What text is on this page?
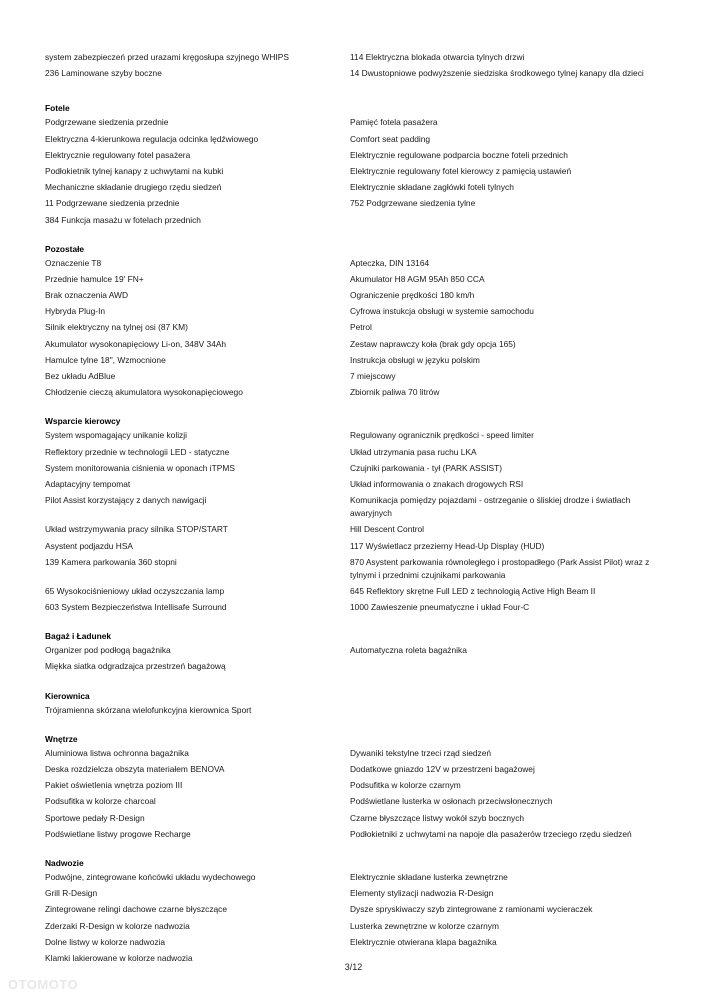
system zabezpieczeń przed urazami kręgosłupa szyjnego WHIPS	114 Elektryczna blokada otwarcia tylnych drzwi
236 Laminowane szyby boczne	14 Dwustopniowe podwyższenie siedziska środkowego tylnej kanapy dla dzieci
Fotele
Podgrzewane siedzenia przednie	Pamięć fotela pasażera
Elektryczna 4-kierunkowa regulacja odcinka lędźwiowego	Comfort seat padding
Elektrycznie regulowany fotel pasażera	Elektrycznie regulowane podparcia boczne foteli przednich
Podłokietnik tylnej kanapy z uchwytami na kubki	Elektrycznie regulowany fotel kierowcy z pamięcią ustawień
Mechaniczne składanie drugiego rzędu siedzeń	Elektrycznie składane zagłówki foteli tylnych
11 Podgrzewane siedzenia przednie	752 Podgrzewane siedzenia tylne
384 Funkcja masażu w fotelach przednich
Pozostałe
Oznaczenie T8	Apteczka, DIN 13164
Przednie hamulce 19' FN+	Akumulator H8 AGM 95Ah 850 CCA
Brak oznaczenia AWD	Ograniczenie prędkości 180 km/h
Hybryda Plug-In	Cyfrowa instukcja obsługi w systemie samochodu
Silnik elektryczny na tylnej osi (87 KM)	Petrol
Akumulator wysokonapięciowy Li-on, 348V 34Ah	Zestaw naprawczy koła (brak gdy opcja 165)
Hamulce tylne 18", Wzmocnione	Instrukcja obsługi w języku polskim
Bez układu AdBlue	7 miejscowy
Chłodzenie cieczą akumulatora wysokonapięciowego	Zbiornik paliwa 70 litrów
Wsparcie kierowcy
System wspomagający unikanie kolizji	Regulowany ogranicznik prędkości - speed limiter
Reflektory przednie w technologii LED - statyczne	Układ utrzymania pasa ruchu LKA
System monitorowania ciśnienia w oponach iTPMS	Czujniki parkowania - tył (PARK ASSIST)
Adaptacyjny tempomat	Układ informowania o znakach drogowych RSI
Pilot Assist korzystający z danych nawigacji	Komunikacja pomiędzy pojazdami - ostrzeganie o śliskiej drodze i światłach awaryjnych
Układ wstrzymywania pracy silnika STOP/START	Hill Descent Control
Asystent podjazdu HSA	117 Wyświetlacz przezierny Head-Up Display (HUD)
139 Kamera parkowania 360 stopni	870 Asystent parkowania równoległego i prostopadłego (Park Assist Pilot) wraz z tylnymi i przednimi czujnikami parkowania
65 Wysokociśnieniowy układ oczyszczania lamp	645 Reflektory skrętne Full LED z technologią Active High Beam II
603 System Bezpieczeństwa Intellisafe Surround	1000 Zawieszenie pneumatyczne i układ Four-C
Bagaż i Ładunek
Organizer pod podłogą bagażnika	Automatyczna roleta bagażnika
Miękka siatka odgradzajca przestrzeń bagażową
Kierownica
Trójramienna skórzana wielofunkcyjna kierownica Sport
Wnętrze
Aluminiowa listwa ochronna bagażnika	Dywaniki tekstylne trzeci rząd siedzeń
Deska rozdzielcza obszyta materiałem BENOVA	Dodatkowe gniazdo 12V w przestrzeni bagażowej
Pakiet oświetlenia wnętrza poziom III	Podsufitka w kolorze czarnym
Podsufitka w kolorze charcoal	Podświetlane lusterka w osłonach przeciwsłonecznych
Sportowe pedały R-Design	Czarne błyszczące listwy wokół szyb bocznych
Podświetlane listwy progowe Recharge	Podłokietniki z uchwytami na napoje dla pasażerów trzeciego rzędu siedzeń
Nadwozie
Podwójne, zintegrowane końcówki układu wydechowego	Elektrycznie składane lusterka zewnętrzne
Grill R-Design	Elementy stylizacji nadwozia R-Design
Zintegrowane relingi dachowe czarne błyszczące	Dysze spryskiwaczy szyb zintegrowane z ramionami wycieraczek
Zderzaki R-Design w kolorze nadwozia	Lusterka zewnętrzne w kolorze czarnym
Dolne listwy w kolorze nadwozia	Elektrycznie otwierana klapa bagażnika
Klamki lakierowane w kolorze nadwozia
3/12
OTOMOTO
